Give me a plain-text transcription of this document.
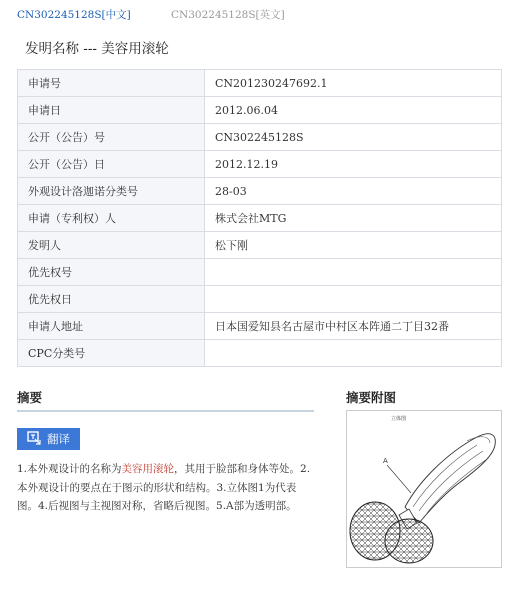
CN302245128S[中文]	CN302245128S[英文]
发明名称 --- 美容用滚轮
申请号	CN201230247692.1
申请日	2012.06.04
公开（公告）号	CN302245128S
公开（公告）日	2012.12.19
外观设计洛迦诺分类号	28-03
申请（专利权）人	株式会社MTG
发明人	松下刚
优先权号	
优先权日	
申请人地址	日本国爱知县名古屋市中村区本阵通二丁目32番
CPC分类号	
摘要
翻译
1.本外观设计的名称为美容用滚轮，其用于脸部和身体等处。2.本外观设计的要点在于图示的形状和结构。3.立体图1为代表图。4.后视图与主视图对称，省略后视图。5.A部为透明部。
摘要附图
立体图
A
